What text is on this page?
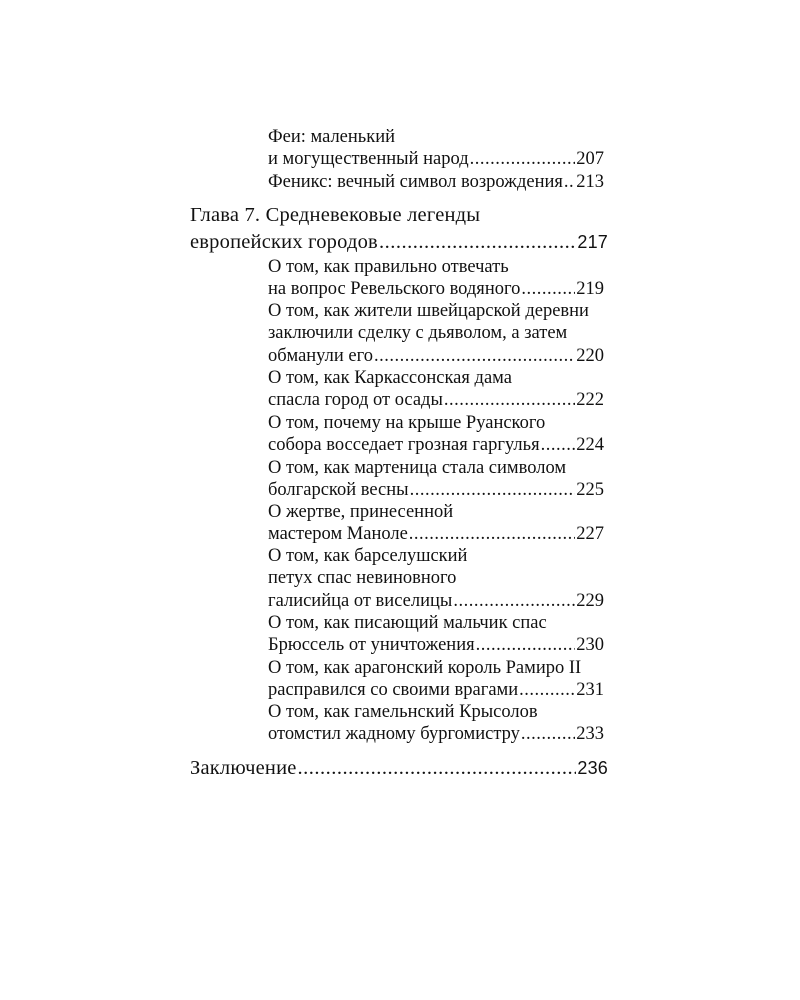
Феи: маленький
и могущественный народ .....	207
Феникс: вечный символ возрождения ..... 213
Глава 7. Средневековые легенды
европейских городов .....	217
О том, как правильно отвечать
на вопрос Ревельского водяного .....	219
О том, как жители швейцарской деревни
заключили сделку с дьяволом, а затем
обманули его .....	220
О том, как Каркассонская дама
спасла город от осады .....	222
О том, почему на крыше Руанского
собора восседает грозная гаргулья ..... 224
О том, как мартеница стала символом
болгарской весны .....	225
О жертве, принесенной
мастером Маноле .....	227
О том, как барселушский
петух спас невиновного
галисийца от виселицы .....	229
О том, как писающий мальчик спас
Брюссель от уничтожения .....	230
О том, как арагонский король Рамиро II
расправился со своими врагами .....	231
О том, как гамельнский Крысолов
отомстил жадному бургомистру .....	233
Заключение .....	236
